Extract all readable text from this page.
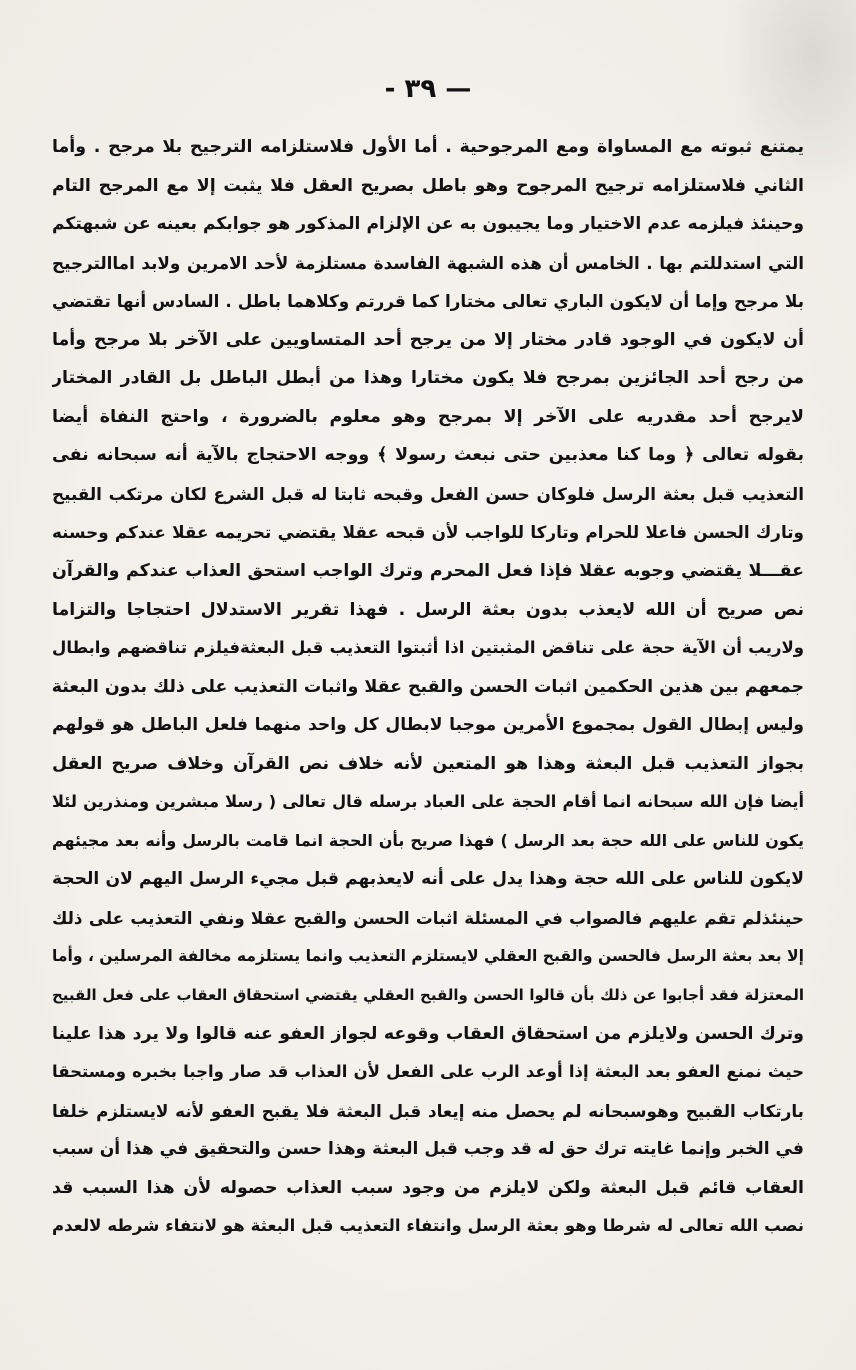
— ٣٩ -
يمتنع ثبوته مع المساواة ومع المرجوحية . أما الأول فلاستلزامه الترجيح بلا مرجح . وأما
الثاني فلاستلزامه ترجيح المرجوح وهو باطل بصريح العقل فلا يثبت إلا مع المرجح التام
وحينئذ فيلزمه عدم الاختيار وما يجيبون به عن الإلزام المذكور هو جوابكم بعينه عن شبهتكم
التي استدللتم بها . الخامس أن هذه الشبهة الفاسدة مستلزمة لأحد الامرين ولابد اماالترجيح
بلا مرجح وإما أن لايكون الباري تعالى مختارا كما قررتم وكلاهما باطل . السادس أنها تقتضي
أن لايكون في الوجود قادر مختار إلا من يرجح أحد المتساويين على الآخر بلا مرجح وأما
من رجح أحد الجائزين بمرجح فلا يكون مختارا وهذا من أبطل الباطل بل القادر المختار
لايرجح أحد مقدريه على الآخر إلا بمرجح وهو معلوم بالضرورة ، واحتج النفاة أيضا
بقوله تعالى ﴿ وما كنا معذبين حتى نبعث رسولا ﴾ ووجه الاحتجاج بالآية أنه سبحانه نفى
التعذيب قبل بعثة الرسل فلوكان حسن الفعل وقبحه ثابتا له قبل الشرع لكان مرتكب القبيح
وتارك الحسن فاعلا للحرام وتاركا للواجب لأن قبحه عقلا يقتضي تحريمه عقلا عندكم وحسنه
عقـــلا يقتضي وجوبه عقلا فإذا فعل المحرم وترك الواجب استحق العذاب عندكم والقرآن
نص صريح أن الله لايعذب بدون بعثة الرسل . فهذا تقرير الاستدلال احتجاجا والتزاما
ولاريب أن الآية حجة على تناقض المثبتين اذا أثبتوا التعذيب قبل البعثةفيلزم تناقضهم وابطال
جمعهم بين هذين الحكمين اثبات الحسن والقبح عقلا واثبات التعذيب على ذلك بدون البعثة
وليس إبطال القول بمجموع الأمرين موجبا لابطال كل واحد منهما فلعل الباطل هو قولهم
بجواز التعذيب قبل البعثة وهذا هو المتعين لأنه خلاف نص القرآن وخلاف صريح العقل
أيضا فإن الله سبحانه انما أقام الحجة على العباد برسله قال تعالى ( رسلا مبشرين ومنذرين لئلا
يكون للناس على الله حجة بعد الرسل ) فهذا صريح بأن الحجة انما قامت بالرسل وأنه بعد مجيئهم
لايكون للناس على الله حجة وهذا يدل على أنه لايعذبهم قبل مجيء الرسل اليهم لان الحجة
حينئذلم تقم عليهم فالصواب في المسئلة اثبات الحسن والقبح عقلا ونفي التعذيب على ذلك
إلا بعد بعثة الرسل فالحسن والقبح العقلي لايستلزم التعذيب وانما يستلزمه مخالفة المرسلين ، وأما
المعتزلة فقد أجابوا عن ذلك بأن قالوا الحسن والقبح العقلي يقتضي استحقاق العقاب على فعل القبيح
وترك الحسن ولايلزم من استحقاق العقاب وقوعه لجواز العفو عنه قالوا ولا يرد هذا علينا
حيث نمنع العفو بعد البعثة إذا أوعد الرب على الفعل لأن العذاب قد صار واجبا بخبره ومستحقا
بارتكاب القبيح وهوسبحانه لم يحصل منه إيعاد قبل البعثة فلا يقبح العفو لأنه لايستلزم خلفا
في الخبر وإنما غايته ترك حق له قد وجب قبل البعثة وهذا حسن والتحقيق في هذا أن سبب
العقاب قائم قبل البعثة ولكن لايلزم من وجود سبب العذاب حصوله لأن هذا السبب قد
نصب الله تعالى له شرطا وهو بعثة الرسل وانتفاء التعذيب قبل البعثة هو لانتفاء شرطه لالعدم
